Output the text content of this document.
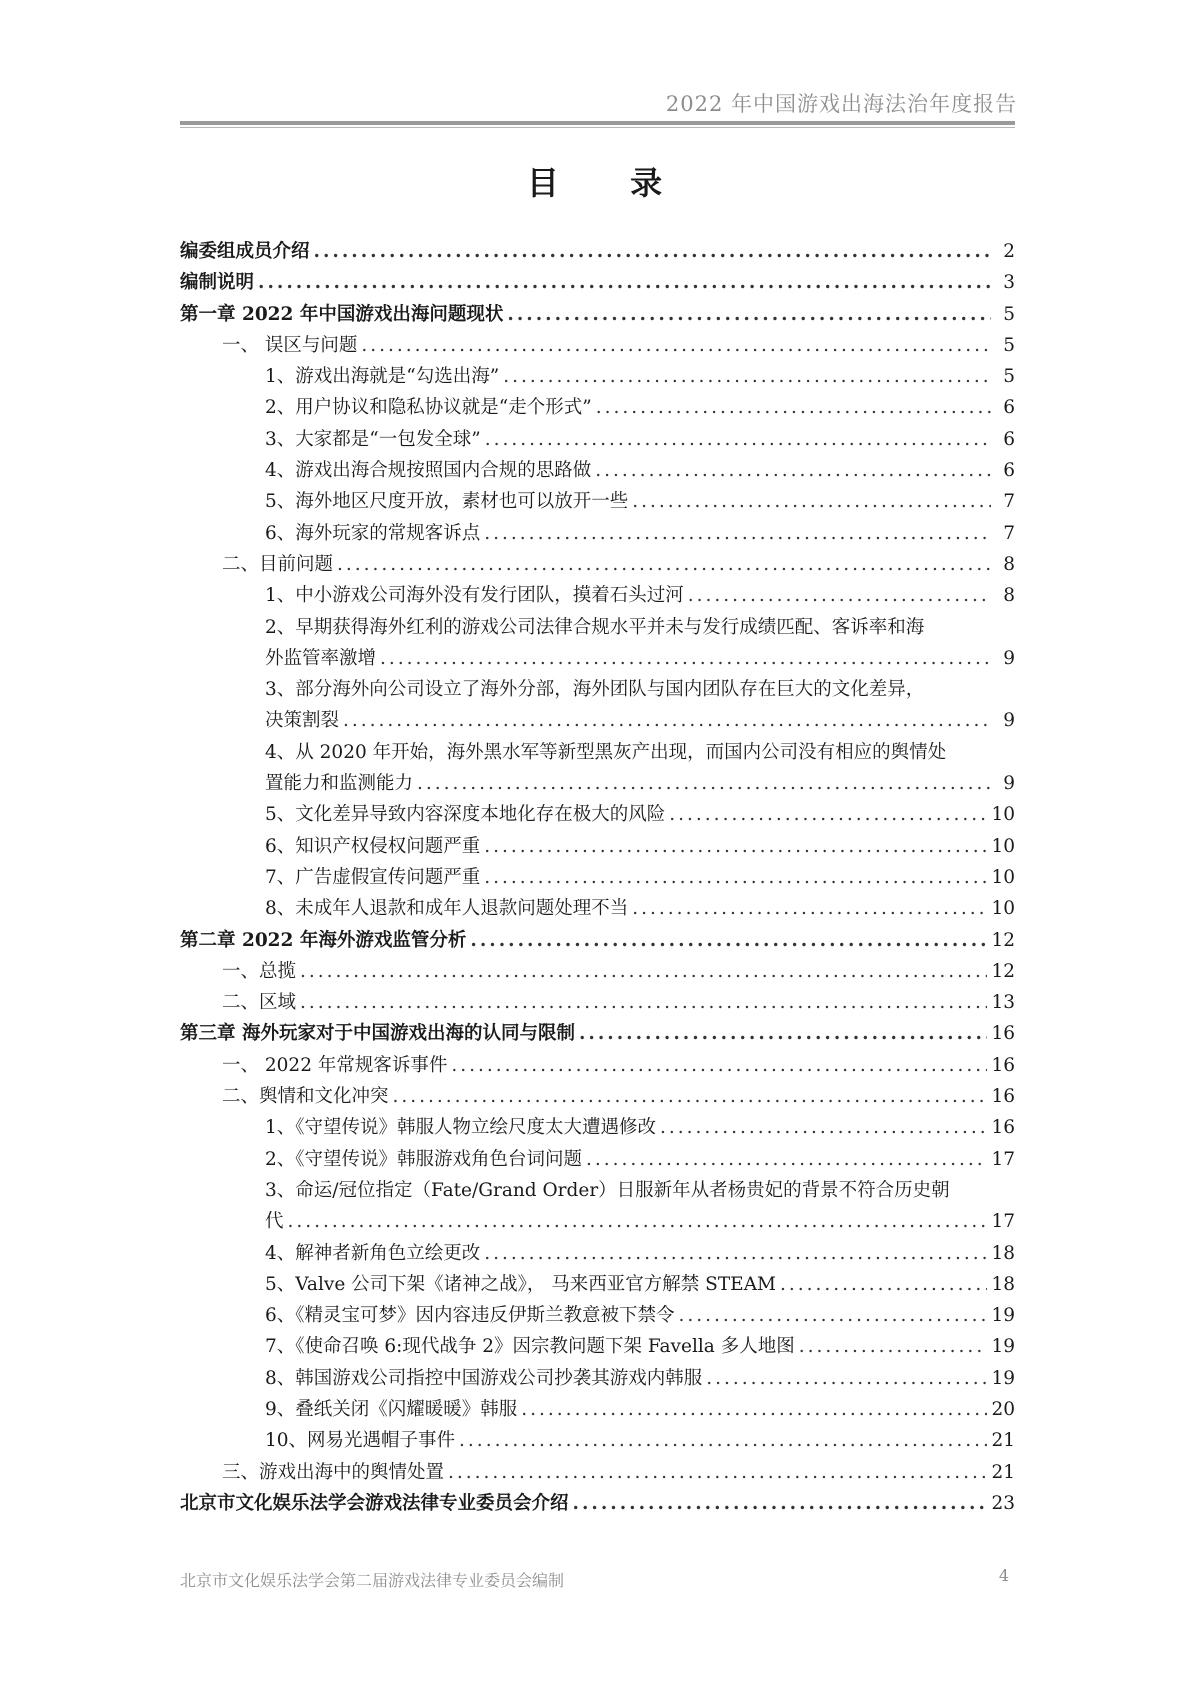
2022 年中国游戏出海法治年度报告
目 录
编委组成员介绍 .....	2
编制说明 .....	3
第一章 2022 年中国游戏出海问题现状 .....	5
一、 误区与问题 .....	5
1、游戏出海就是“勾选出海” .....	5
2、用户协议和隐私协议就是“走个形式” .....	6
3、大家都是“一包发全球” .....	6
4、游戏出海合规按照国内合规的思路做 .....	6
5、海外地区尺度开放，素材也可以放开一些 .....	7
6、海外玩家的常规客诉点 .....	7
二、目前问题 .....	8
1、中小游戏公司海外没有发行团队，摸着石头过河 .....	8
2、早期获得海外红利的游戏公司法律合规水平并未与发行成绩匹配、客诉率和海
外监管率激增 .....	9
3、部分海外向公司设立了海外分部，海外团队与国内团队存在巨大的文化差异，
决策割裂 .....	9
4、从 2020 年开始，海外黑水军等新型黑灰产出现，而国内公司没有相应的舆情处
置能力和监测能力 .....	9
5、文化差异导致内容深度本地化存在极大的风险 .....	10
6、知识产权侵权问题严重 .....	10
7、广告虚假宣传问题严重 .....	10
8、未成年人退款和成年人退款问题处理不当 .....	10
第二章 2022 年海外游戏监管分析 .....	12
一、总揽 .....	12
二、区域 .....	13
第三章 海外玩家对于中国游戏出海的认同与限制 .....	16
一、 2022 年常规客诉事件 .....	16
二、舆情和文化冲突 .....	16
1、《守望传说》韩服人物立绘尺度太大遭遇修改 .....	16
2、《守望传说》韩服游戏角色台词问题 .....	17
3、命运/冠位指定（Fate/Grand Order）日服新年从者杨贵妃的背景不符合历史朝
代 .....	17
4、解神者新角色立绘更改 .....	18
5、Valve 公司下架《诸神之战》， 马来西亚官方解禁 STEAM .....	18
6、《精灵宝可梦》因内容违反伊斯兰教意被下禁令 .....	19
7、《使命召唤 6:现代战争 2》因宗教问题下架 Favella 多人地图 .....	19
8、韩国游戏公司指控中国游戏公司抄袭其游戏内韩服 .....	19
9、叠纸关闭《闪耀暖暖》韩服 .....	20
10、网易光遇帽子事件 .....	21
三、游戏出海中的舆情处置 .....	21
北京市文化娱乐法学会游戏法律专业委员会介绍 .....	23
北京市文化娱乐法学会第二届游戏法律专业委员会编制	4
